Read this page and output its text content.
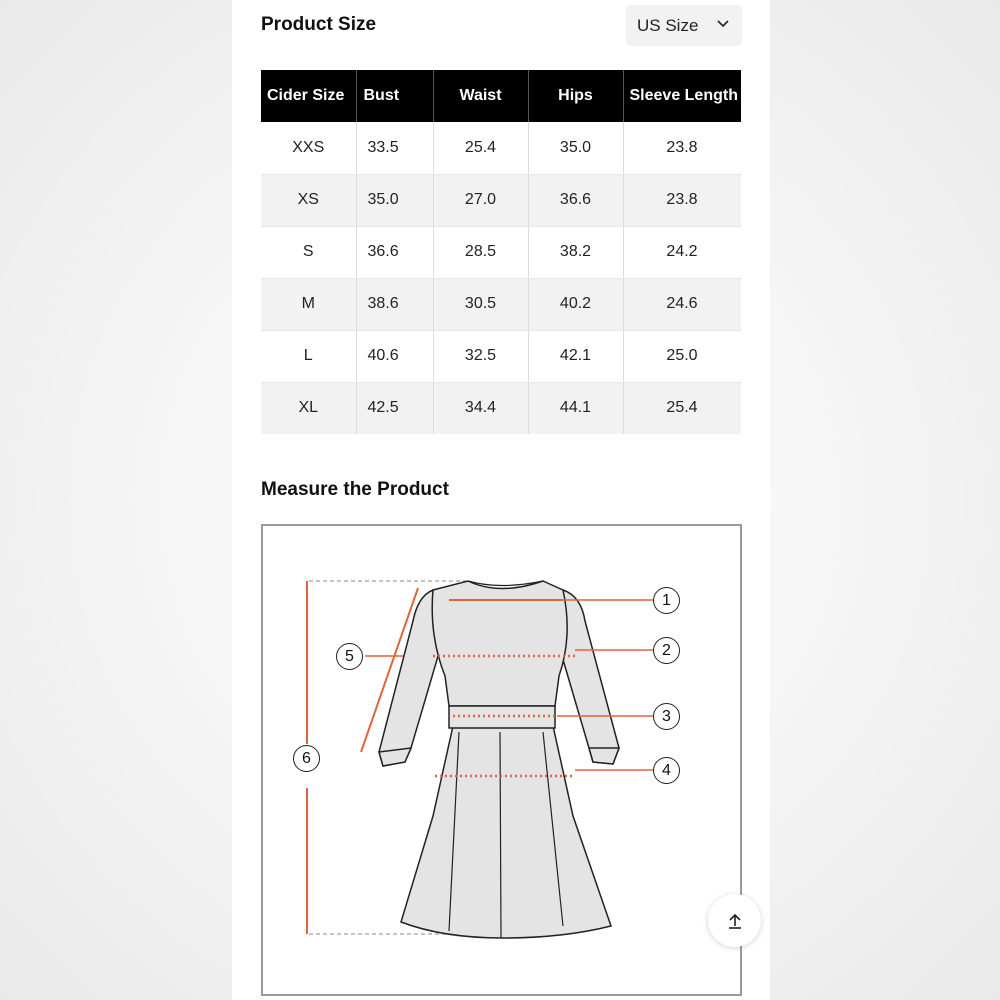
Product Size	US Size
Cider Size	Bust	Waist	Hips	Sleeve Length
XXS	33.5	25.4	35.0	23.8
XS	35.0	27.0	36.6	23.8
S	36.6	28.5	38.2	24.2
M	38.6	30.5	40.2	24.6
L	40.6	32.5	42.1	25.0
XL	42.5	34.4	44.1	25.4
Measure the Product
1
2
3
4
5
6
